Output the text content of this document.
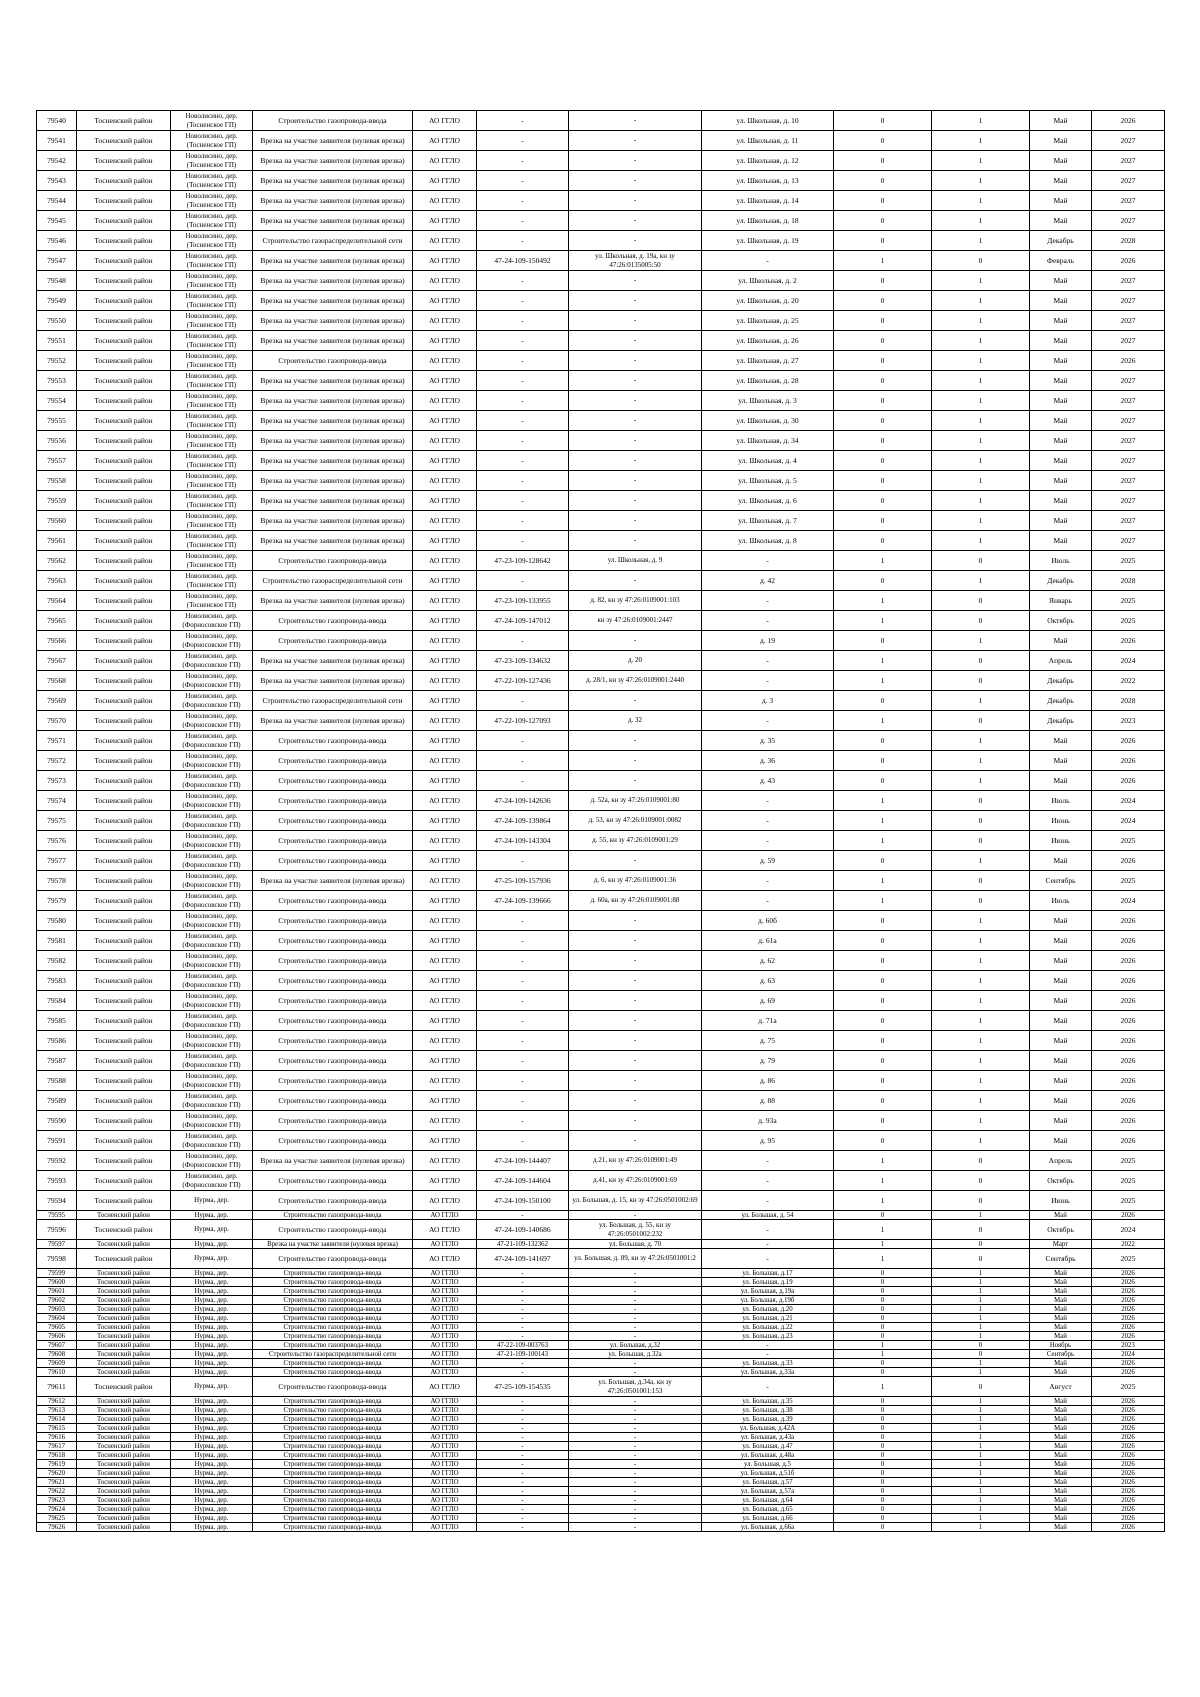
79540	Тосненский район	Новолисино, дер. (Тосненское ГП)	Строительство газопровода-ввода	АО ГГЛО	-	-	ул. Школьная, д. 10	0	1	Май	2026
79541	Тосненский район	Новолисино, дер. (Тосненское ГП)	Врезка на участке заявителя (нулевая врезка)	АО ГГЛО	-	-	ул. Школьная, д. 11	0	1	Май	2027
79542	Тосненский район	Новолисино, дер. (Тосненское ГП)	Врезка на участке заявителя (нулевая врезка)	АО ГГЛО	-	-	ул. Школьная, д. 12	0	1	Май	2027
79543	Тосненский район	Новолисино, дер. (Тосненское ГП)	Врезка на участке заявителя (нулевая врезка)	АО ГГЛО	-	-	ул. Школьная, д. 13	0	1	Май	2027
79544	Тосненский район	Новолисино, дер. (Тосненское ГП)	Врезка на участке заявителя (нулевая врезка)	АО ГГЛО	-	-	ул. Школьная, д. 14	0	1	Май	2027
79545	Тосненский район	Новолисино, дер. (Тосненское ГП)	Врезка на участке заявителя (нулевая врезка)	АО ГГЛО	-	-	ул. Школьная, д. 18	0	1	Май	2027
79546	Тосненский район	Новолисино, дер. (Тосненское ГП)	Строительство газораспределительной сети	АО ГГЛО	-	-	ул. Школьная, д. 19	0	1	Декабрь	2028
79547	Тосненский район	Новолисино, дер. (Тосненское ГП)	Врезка на участке заявителя (нулевая врезка)	АО ГГЛО	47-24-109-150492	ул. Школьная, д. 19а, кн зу 47:26:0135005:50	-	1	0	Февраль	2026
79548	Тосненский район	Новолисино, дер. (Тосненское ГП)	Врезка на участке заявителя (нулевая врезка)	АО ГГЛО	-	-	ул. Школьная, д. 2	0	1	Май	2027
79549	Тосненский район	Новолисино, дер. (Тосненское ГП)	Врезка на участке заявителя (нулевая врезка)	АО ГГЛО	-	-	ул. Школьная, д. 20	0	1	Май	2027
79550	Тосненский район	Новолисино, дер. (Тосненское ГП)	Врезка на участке заявителя (нулевая врезка)	АО ГГЛО	-	-	ул. Школьная, д. 25	0	1	Май	2027
79551	Тосненский район	Новолисино, дер. (Тосненское ГП)	Врезка на участке заявителя (нулевая врезка)	АО ГГЛО	-	-	ул. Школьная, д. 26	0	1	Май	2027
79552	Тосненский район	Новолисино, дер. (Тосненское ГП)	Строительство газопровода-ввода	АО ГГЛО	-	-	ул. Школьная, д. 27	0	1	Май	2026
79553	Тосненский район	Новолисино, дер. (Тосненское ГП)	Врезка на участке заявителя (нулевая врезка)	АО ГГЛО	-	-	ул. Школьная, д. 28	0	1	Май	2027
79554	Тосненский район	Новолисино, дер. (Тосненское ГП)	Врезка на участке заявителя (нулевая врезка)	АО ГГЛО	-	-	ул. Школьная, д. 3	0	1	Май	2027
79555	Тосненский район	Новолисино, дер. (Тосненское ГП)	Врезка на участке заявителя (нулевая врезка)	АО ГГЛО	-	-	ул. Школьная, д. 30	0	1	Май	2027
79556	Тосненский район	Новолисино, дер. (Тосненское ГП)	Врезка на участке заявителя (нулевая врезка)	АО ГГЛО	-	-	ул. Школьная, д. 34	0	1	Май	2027
79557	Тосненский район	Новолисино, дер. (Тосненское ГП)	Врезка на участке заявителя (нулевая врезка)	АО ГГЛО	-	-	ул. Школьная, д. 4	0	1	Май	2027
79558	Тосненский район	Новолисино, дер. (Тосненское ГП)	Врезка на участке заявителя (нулевая врезка)	АО ГГЛО	-	-	ул. Школьная, д. 5	0	1	Май	2027
79559	Тосненский район	Новолисино, дер. (Тосненское ГП)	Врезка на участке заявителя (нулевая врезка)	АО ГГЛО	-	-	ул. Школьная, д. 6	0	1	Май	2027
79560	Тосненский район	Новолисино, дер. (Тосненское ГП)	Врезка на участке заявителя (нулевая врезка)	АО ГГЛО	-	-	ул. Школьная, д. 7	0	1	Май	2027
79561	Тосненский район	Новолисино, дер. (Тосненское ГП)	Врезка на участке заявителя (нулевая врезка)	АО ГГЛО	-	-	ул. Школьная, д. 8	0	1	Май	2027
79562	Тосненский район	Новолисино, дер. (Тосненское ГП)	Строительство газопровода-ввода	АО ГГЛО	47-23-109-128642	ул. Школьная, д. 9	-	1	0	Июль	2025
79563	Тосненский район	Новолисино, дер. (Тосненское ГП)	Строительство газораспределительной сети	АО ГГЛО	-	-	д. 42	0	1	Декабрь	2028
79564	Тосненский район	Новолисино, дер. (Тосненское ГП)	Врезка на участке заявителя (нулевая врезка)	АО ГГЛО	47-23-109-133955	д. 82, кн зу 47:26:0109001:103	-	1	0	Январь	2025
79565	Тосненский район	Новолисино, дер. (Форносовское ГП)	Строительство газопровода-ввода	АО ГГЛО	47-24-109-147012	кн зу 47:26:0109001:2447	-	1	0	Октябрь	2025
79566	Тосненский район	Новолисино, дер. (Форносовское ГП)	Строительство газопровода-ввода	АО ГГЛО	-	-	д. 19	0	1	Май	2026
79567	Тосненский район	Новолисино, дер. (Форносовское ГП)	Врезка на участке заявителя (нулевая врезка)	АО ГГЛО	47-23-109-134632	д. 20	-	1	0	Апрель	2024
79568	Тосненский район	Новолисино, дер. (Форносовское ГП)	Врезка на участке заявителя (нулевая врезка)	АО ГГЛО	47-22-109-127436	д. 28/1, кн зу 47:26:0109001:2440	-	1	0	Декабрь	2022
79569	Тосненский район	Новолисино, дер. (Форносовское ГП)	Строительство газораспределительной сети	АО ГГЛО	-	-	д. 3	0	1	Декабрь	2028
79570	Тосненский район	Новолисино, дер. (Форносовское ГП)	Врезка на участке заявителя (нулевая врезка)	АО ГГЛО	47-22-109-127093	д. 32	-	1	0	Декабрь	2023
79571	Тосненский район	Новолисино, дер. (Форносовское ГП)	Строительство газопровода-ввода	АО ГГЛО	-	-	д. 35	0	1	Май	2026
79572	Тосненский район	Новолисино, дер. (Форносовское ГП)	Строительство газопровода-ввода	АО ГГЛО	-	-	д. 36	0	1	Май	2026
79573	Тосненский район	Новолисино, дер. (Форносовское ГП)	Строительство газопровода-ввода	АО ГГЛО	-	-	д. 43	0	1	Май	2026
79574	Тосненский район	Новолисино, дер. (Форносовское ГП)	Строительство газопровода-ввода	АО ГГЛО	47-24-109-142636	д. 52а, кн зу 47:26:0109001:80	-	1	0	Июль	2024
79575	Тосненский район	Новолисино, дер. (Форносовское ГП)	Строительство газопровода-ввода	АО ГГЛО	47-24-109-139864	д. 53, кн зу 47:26:0109001:0082	-	1	0	Июнь	2024
79576	Тосненский район	Новолисино, дер. (Форносовское ГП)	Строительство газопровода-ввода	АО ГГЛО	47-24-109-143304	д. 55, кн зу 47:26:0109001:29	-	1	0	Июнь	2025
79577	Тосненский район	Новолисино, дер. (Форносовское ГП)	Строительство газопровода-ввода	АО ГГЛО	-	-	д. 59	0	1	Май	2026
79578	Тосненский район	Новолисино, дер. (Форносовское ГП)	Врезка на участке заявителя (нулевая врезка)	АО ГГЛО	47-25-109-157936	д. 6, кн зу 47:26:0109001:36	-	1	0	Сентябрь	2025
79579	Тосненский район	Новолисино, дер. (Форносовское ГП)	Строительство газопровода-ввода	АО ГГЛО	47-24-109-139666	д. 60а, кн зу 47:26:0109001:88	-	1	0	Июль	2024
79580	Тосненский район	Новолисино, дер. (Форносовское ГП)	Строительство газопровода-ввода	АО ГГЛО	-	-	д. 60б	0	1	Май	2026
79581	Тосненский район	Новолисино, дер. (Форносовское ГП)	Строительство газопровода-ввода	АО ГГЛО	-	-	д. 61а	0	1	Май	2026
79582	Тосненский район	Новолисино, дер. (Форносовское ГП)	Строительство газопровода-ввода	АО ГГЛО	-	-	д. 62	0	1	Май	2026
79583	Тосненский район	Новолисино, дер. (Форносовское ГП)	Строительство газопровода-ввода	АО ГГЛО	-	-	д. 63	0	1	Май	2026
79584	Тосненский район	Новолисино, дер. (Форносовское ГП)	Строительство газопровода-ввода	АО ГГЛО	-	-	д. 69	0	1	Май	2026
79585	Тосненский район	Новолисино, дер. (Форносовское ГП)	Строительство газопровода-ввода	АО ГГЛО	-	-	д. 71а	0	1	Май	2026
79586	Тосненский район	Новолисино, дер. (Форносовское ГП)	Строительство газопровода-ввода	АО ГГЛО	-	-	д. 75	0	1	Май	2026
79587	Тосненский район	Новолисино, дер. (Форносовское ГП)	Строительство газопровода-ввода	АО ГГЛО	-	-	д. 79	0	1	Май	2026
79588	Тосненский район	Новолисино, дер. (Форносовское ГП)	Строительство газопровода-ввода	АО ГГЛО	-	-	д. 86	0	1	Май	2026
79589	Тосненский район	Новолисино, дер. (Форносовское ГП)	Строительство газопровода-ввода	АО ГГЛО	-	-	д. 88	0	1	Май	2026
79590	Тосненский район	Новолисино, дер. (Форносовское ГП)	Строительство газопровода-ввода	АО ГГЛО	-	-	д. 93а	0	1	Май	2026
79591	Тосненский район	Новолисино, дер. (Форносовское ГП)	Строительство газопровода-ввода	АО ГГЛО	-	-	д. 95	0	1	Май	2026
79592	Тосненский район	Новолисино, дер. (Форносовское ГП)	Врезка на участке заявителя (нулевая врезка)	АО ГГЛО	47-24-109-144407	д.21, кн зу 47:26:0109001:49	-	1	0	Апрель	2025
79593	Тосненский район	Новолисино, дер. (Форносовское ГП)	Строительство газопровода-ввода	АО ГГЛО	47-24-109-144604	д.41, кн зу 47:26:0109001:69	-	1	0	Октябрь	2025
79594	Тосненский район	Нурма, дер.	Строительство газопровода-ввода	АО ГГЛО	47-24-109-150100	ул. Большая, д. 15, кн зу 47:26:0501002:69	-	1	0	Июнь	2025
79595	Тосненский район	Нурма, дер.	Строительство газопровода-ввода	АО ГГЛО	-	-	ул. Большая, д. 54	0	1	Май	2026
79596	Тосненский район	Нурма, дер.	Строительство газопровода-ввода	АО ГГЛО	47-24-109-140686	ул. Большая, д. 55, кн зу 47:26:0501002:232	-	1	0	Октябрь	2024
79597	Тосненский район	Нурма, дер.	Врезка на участке заявителя (нулевая врезка)	АО ГГЛО	47-21-109-132362	ул. Большая, д. 70	-	1	0	Март	2022
79598	Тосненский район	Нурма, дер.	Строительство газопровода-ввода	АО ГГЛО	47-24-109-141697	ул. Большая, д. 89, кн зу 47:26:0501001:2	-	1	0	Сентябрь	2025
79599	Тосненский район	Нурма, дер.	Строительство газопровода-ввода	АО ГГЛО	-	-	ул. Большая, д.17	0	1	Май	2026
79600	Тосненский район	Нурма, дер.	Строительство газопровода-ввода	АО ГГЛО	-	-	ул. Большая, д.19	0	1	Май	2026
79601	Тосненский район	Нурма, дер.	Строительство газопровода-ввода	АО ГГЛО	-	-	ул. Большая, д.19а	0	1	Май	2026
79602	Тосненский район	Нурма, дер.	Строительство газопровода-ввода	АО ГГЛО	-	-	ул. Большая, д.19б	0	1	Май	2026
79603	Тосненский район	Нурма, дер.	Строительство газопровода-ввода	АО ГГЛО	-	-	ул. Большая, д.20	0	1	Май	2026
79604	Тосненский район	Нурма, дер.	Строительство газопровода-ввода	АО ГГЛО	-	-	ул. Большая, д.21	0	1	Май	2026
79605	Тосненский район	Нурма, дер.	Строительство газопровода-ввода	АО ГГЛО	-	-	ул. Большая, д.22	0	1	Май	2026
79606	Тосненский район	Нурма, дер.	Строительство газопровода-ввода	АО ГГЛО	-	-	ул. Большая, д.23	0	1	Май	2026
79607	Тосненский район	Нурма, дер.	Строительство газопровода-ввода	АО ГГЛО	47-22-109-003763	ул. Большая, д.32	-	1	0	Ноябрь	2023
79608	Тосненский район	Нурма, дер.	Строительство газораспределительной сети	АО ГГЛО	47-21-109-100143	ул. Большая, д.32а	-	1	0	Сентябрь	2024
79609	Тосненский район	Нурма, дер.	Строительство газопровода-ввода	АО ГГЛО	-	-	ул. Большая, д.33	0	1	Май	2026
79610	Тосненский район	Нурма, дер.	Строительство газопровода-ввода	АО ГГЛО	-	-	ул. Большая, д.33а	0	1	Май	2026
79611	Тосненский район	Нурма, дер.	Строительство газопровода-ввода	АО ГГЛО	47-25-109-154535	ул. Большая, д.34а, кн зу 47:26:0501001:153	-	1	0	Август	2025
79612	Тосненский район	Нурма, дер.	Строительство газопровода-ввода	АО ГГЛО	-	-	ул. Большая, д.35	0	1	Май	2026
79613	Тосненский район	Нурма, дер.	Строительство газопровода-ввода	АО ГГЛО	-	-	ул. Большая, д.38	0	1	Май	2026
79614	Тосненский район	Нурма, дер.	Строительство газопровода-ввода	АО ГГЛО	-	-	ул. Большая, д.39	0	1	Май	2026
79615	Тосненский район	Нурма, дер.	Строительство газопровода-ввода	АО ГГЛО	-	-	ул. Большая, д.42А	0	1	Май	2026
79616	Тосненский район	Нурма, дер.	Строительство газопровода-ввода	АО ГГЛО	-	-	ул. Большая, д.43а	0	1	Май	2026
79617	Тосненский район	Нурма, дер.	Строительство газопровода-ввода	АО ГГЛО	-	-	ул. Большая, д.47	0	1	Май	2026
79618	Тосненский район	Нурма, дер.	Строительство газопровода-ввода	АО ГГЛО	-	-	ул. Большая, д.48а	0	1	Май	2026
79619	Тосненский район	Нурма, дер.	Строительство газопровода-ввода	АО ГГЛО	-	-	ул. Большая, д.5	0	1	Май	2026
79620	Тосненский район	Нурма, дер.	Строительство газопровода-ввода	АО ГГЛО	-	-	ул. Большая, д.51б	0	1	Май	2026
79621	Тосненский район	Нурма, дер.	Строительство газопровода-ввода	АО ГГЛО	-	-	ул. Большая, д.57	0	1	Май	2026
79622	Тосненский район	Нурма, дер.	Строительство газопровода-ввода	АО ГГЛО	-	-	ул. Большая, д.57а	0	1	Май	2026
79623	Тосненский район	Нурма, дер.	Строительство газопровода-ввода	АО ГГЛО	-	-	ул. Большая, д.64	0	1	Май	2026
79624	Тосненский район	Нурма, дер.	Строительство газопровода-ввода	АО ГГЛО	-	-	ул. Большая, д.65	0	1	Май	2026
79625	Тосненский район	Нурма, дер.	Строительство газопровода-ввода	АО ГГЛО	-	-	ул. Большая, д.66	0	1	Май	2026
79626	Тосненский район	Нурма, дер.	Строительство газопровода-ввода	АО ГГЛО	-	-	ул. Большая, д.66а	0	1	Май	2026
